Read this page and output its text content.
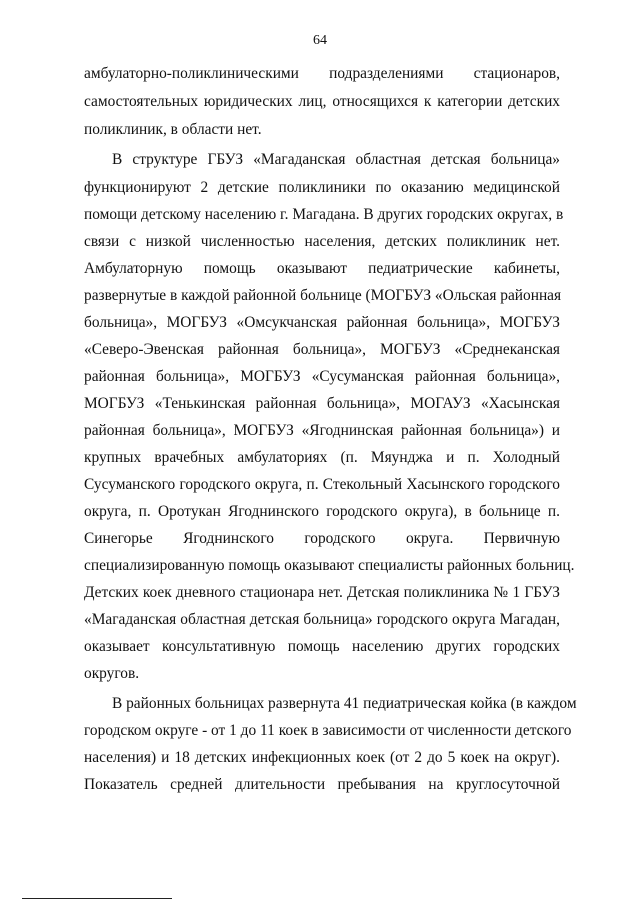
64
амбулаторно-поликлиническими подразделениями стационаров,
самостоятельных юридических лиц, относящихся к категории детских
поликлиник, в области нет.
В структуре ГБУЗ «Магаданская областная детская больница»
функционируют 2 детские поликлиники по оказанию медицинской
помощи детскому населению г. Магадана. В других городских округах, в
связи с низкой численностью населения, детских поликлиник нет.
Амбулаторную помощь оказывают педиатрические кабинеты,
развернутые в каждой районной больнице (МОГБУЗ «Ольская районная
больница», МОГБУЗ «Омсукчанская районная больница», МОГБУЗ
«Северо-Эвенская районная больница», МОГБУЗ «Среднеканская
районная больница», МОГБУЗ «Сусуманская районная больница»,
МОГБУЗ «Тенькинская районная больница», МОГАУЗ «Хасынская
районная больница», МОГБУЗ «Ягоднинская районная больница») и
крупных врачебных амбулаториях (п. Мяунджа и п. Холодный
Сусуманского городского округа, п. Стекольный Хасынского городского
округа, п. Оротукан Ягоднинского городского округа), в больнице п.
Синегорье Ягоднинского городского округа. Первичную
специализированную помощь оказывают специалисты районных больниц.
Детских коек дневного стационара нет. Детская поликлиника № 1 ГБУЗ
«Магаданская областная детская больница» городского округа Магадан,
оказывает консультативную помощь населению других городских
округов.
В районных больницах развернута 41 педиатрическая койка (в каждом
городском округе - от 1 до 11 коек в зависимости от численности детского
населения) и 18 детских инфекционных коек (от 2 до 5 коек на округ).
Показатель средней длительности пребывания на круглосуточной
